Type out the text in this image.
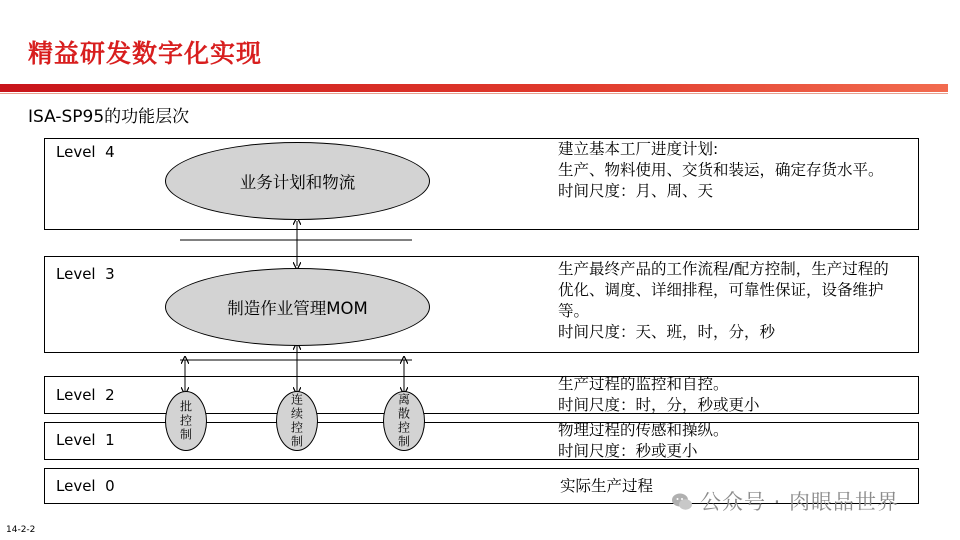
精益研发数字化实现
ISA-SP95的功能层次
Level  4
Level  3
Level  2
Level  1
Level  0
业务计划和物流
制造作业管理MOM
批控制	连续控制	离散控制
建立基本工厂进度计划:
生产、物料使用、交货和装运，确定存货水平。
时间尺度：月、周、天
生产最终产品的工作流程/配方控制，生产过程的优化、调度、详细排程，可靠性保证，设备维护等。
时间尺度：天、班，时，分，秒
生产过程的监控和自控。
时间尺度：时，分，秒或更小
物理过程的传感和操纵。
时间尺度：秒或更小
实际生产过程
14-2-2
公众号 · 肉眼品世界
